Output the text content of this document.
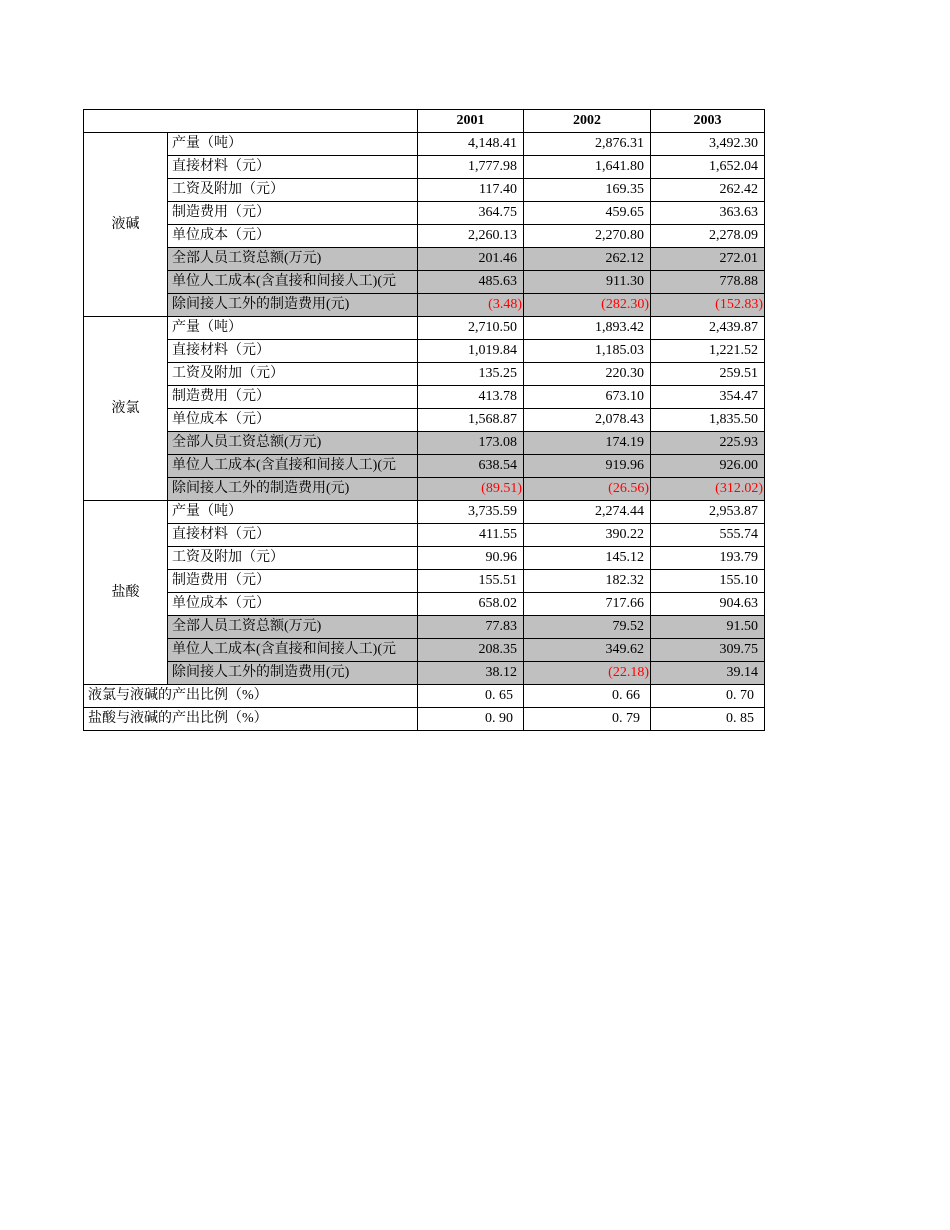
		2001	2002	2003
液碱	产量（吨）	4,148.41	2,876.31	3,492.30
	直接材料（元）	1,777.98	1,641.80	1,652.04
	工资及附加（元）	117.40	169.35	262.42
	制造费用（元）	364.75	459.65	363.63
	单位成本（元）	2,260.13	2,270.80	2,278.09
	全部人员工资总额(万元)	201.46	262.12	272.01
	单位人工成本(含直接和间接人工)(元	485.63	911.30	778.88
	除间接人工外的制造费用(元)	(3.48)	(282.30)	(152.83)
液氯	产量（吨）	2,710.50	1,893.42	2,439.87
	直接材料（元）	1,019.84	1,185.03	1,221.52
	工资及附加（元）	135.25	220.30	259.51
	制造费用（元）	413.78	673.10	354.47
	单位成本（元）	1,568.87	2,078.43	1,835.50
	全部人员工资总额(万元)	173.08	174.19	225.93
	单位人工成本(含直接和间接人工)(元	638.54	919.96	926.00
	除间接人工外的制造费用(元)	(89.51)	(26.56)	(312.02)
盐酸	产量（吨）	3,735.59	2,274.44	2,953.87
	直接材料（元）	411.55	390.22	555.74
	工资及附加（元）	90.96	145.12	193.79
	制造费用（元）	155.51	182.32	155.10
	单位成本（元）	658.02	717.66	904.63
	全部人员工资总额(万元)	77.83	79.52	91.50
	单位人工成本(含直接和间接人工)(元	208.35	349.62	309.75
	除间接人工外的制造费用(元)	38.12	(22.18)	39.14
液氯与液碱的产出比例（%）		0. 65	0. 66	0. 70
盐酸与液碱的产出比例（%）		0. 90	0. 79	0. 85
